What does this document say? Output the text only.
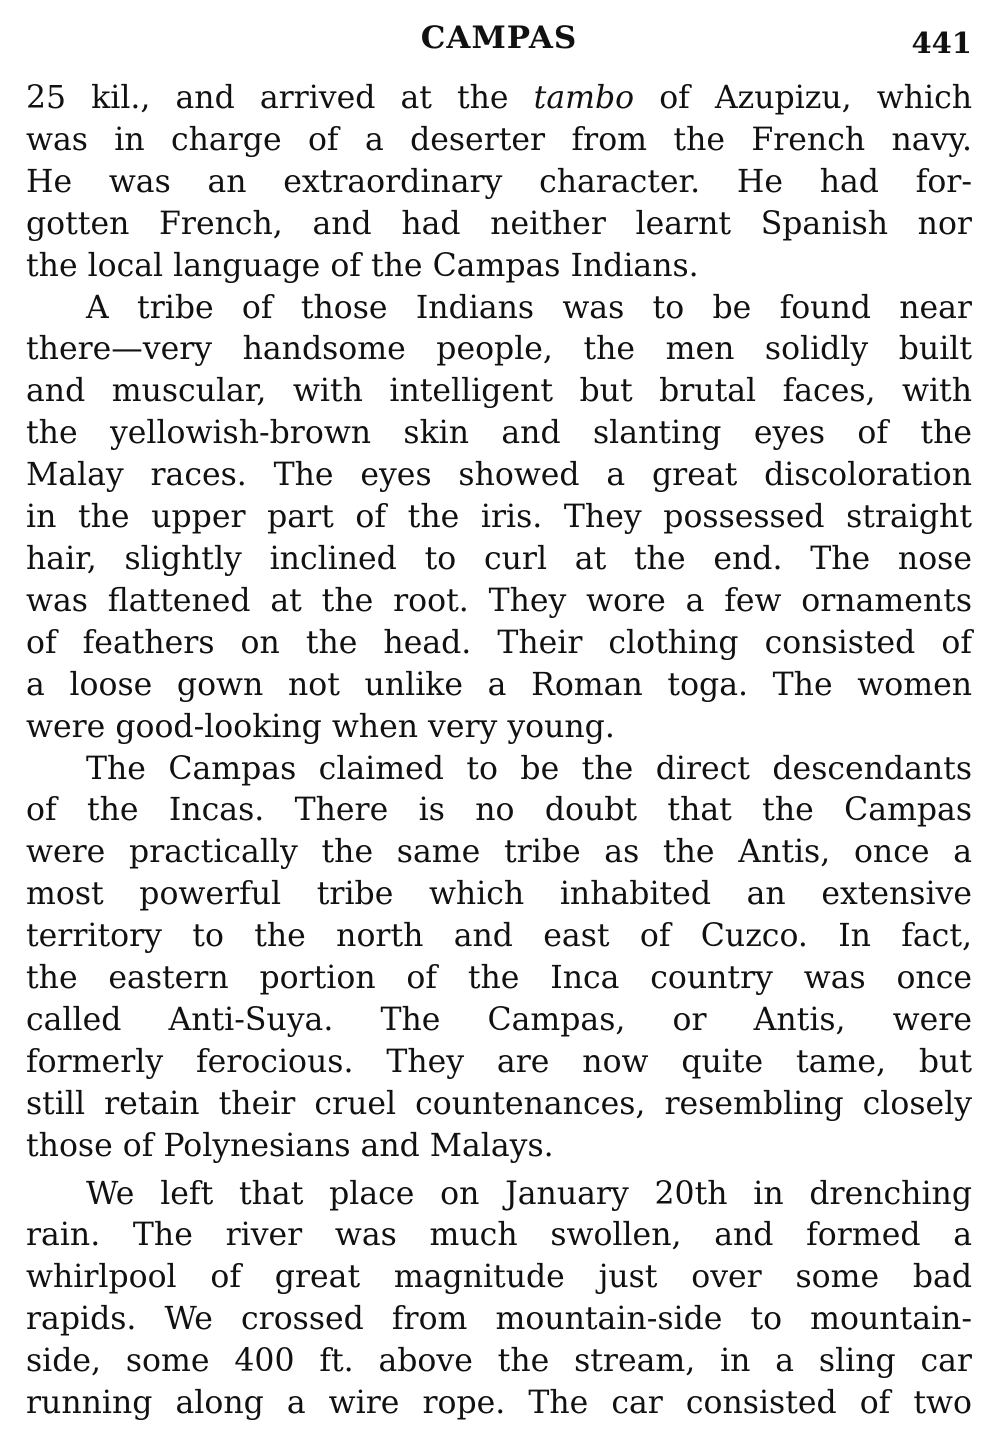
CAMPAS	441

25 kil., and arrived at the tambo of Azupizu, which

was in charge of a deserter from the French navy.

He was an extraordinary character. He had for-

gotten French, and had neither learnt Spanish nor

the local language of the Campas Indians.

A tribe of those Indians was to be found near

there—very handsome people, the men solidly built

and muscular, with intelligent but brutal faces, with

the yellowish-brown skin and slanting eyes of the

Malay races. The eyes showed a great discoloration

in the upper part of the iris. They possessed straight

hair, slightly inclined to curl at the end. The nose

was flattened at the root. They wore a few ornaments

of feathers on the head. Their clothing consisted of

a loose gown not unlike a Roman toga. The women

were good-looking when very young.

The Campas claimed to be the direct descendants

of the Incas. There is no doubt that the Campas

were practically the same tribe as the Antis, once a

most powerful tribe which inhabited an extensive

territory to the north and east of Cuzco. In fact,

the eastern portion of the Inca country was once

called Anti-Suya. The Campas, or Antis, were

formerly ferocious. They are now quite tame, but

still retain their cruel countenances, resembling closely

those of Polynesians and Malays.

We left that place on January 20th in drenching

rain. The river was much swollen, and formed a

whirlpool of great magnitude just over some bad

rapids. We crossed from mountain-side to mountain-

side, some 400 ft. above the stream, in a sling car

running along a wire rope. The car consisted of two
